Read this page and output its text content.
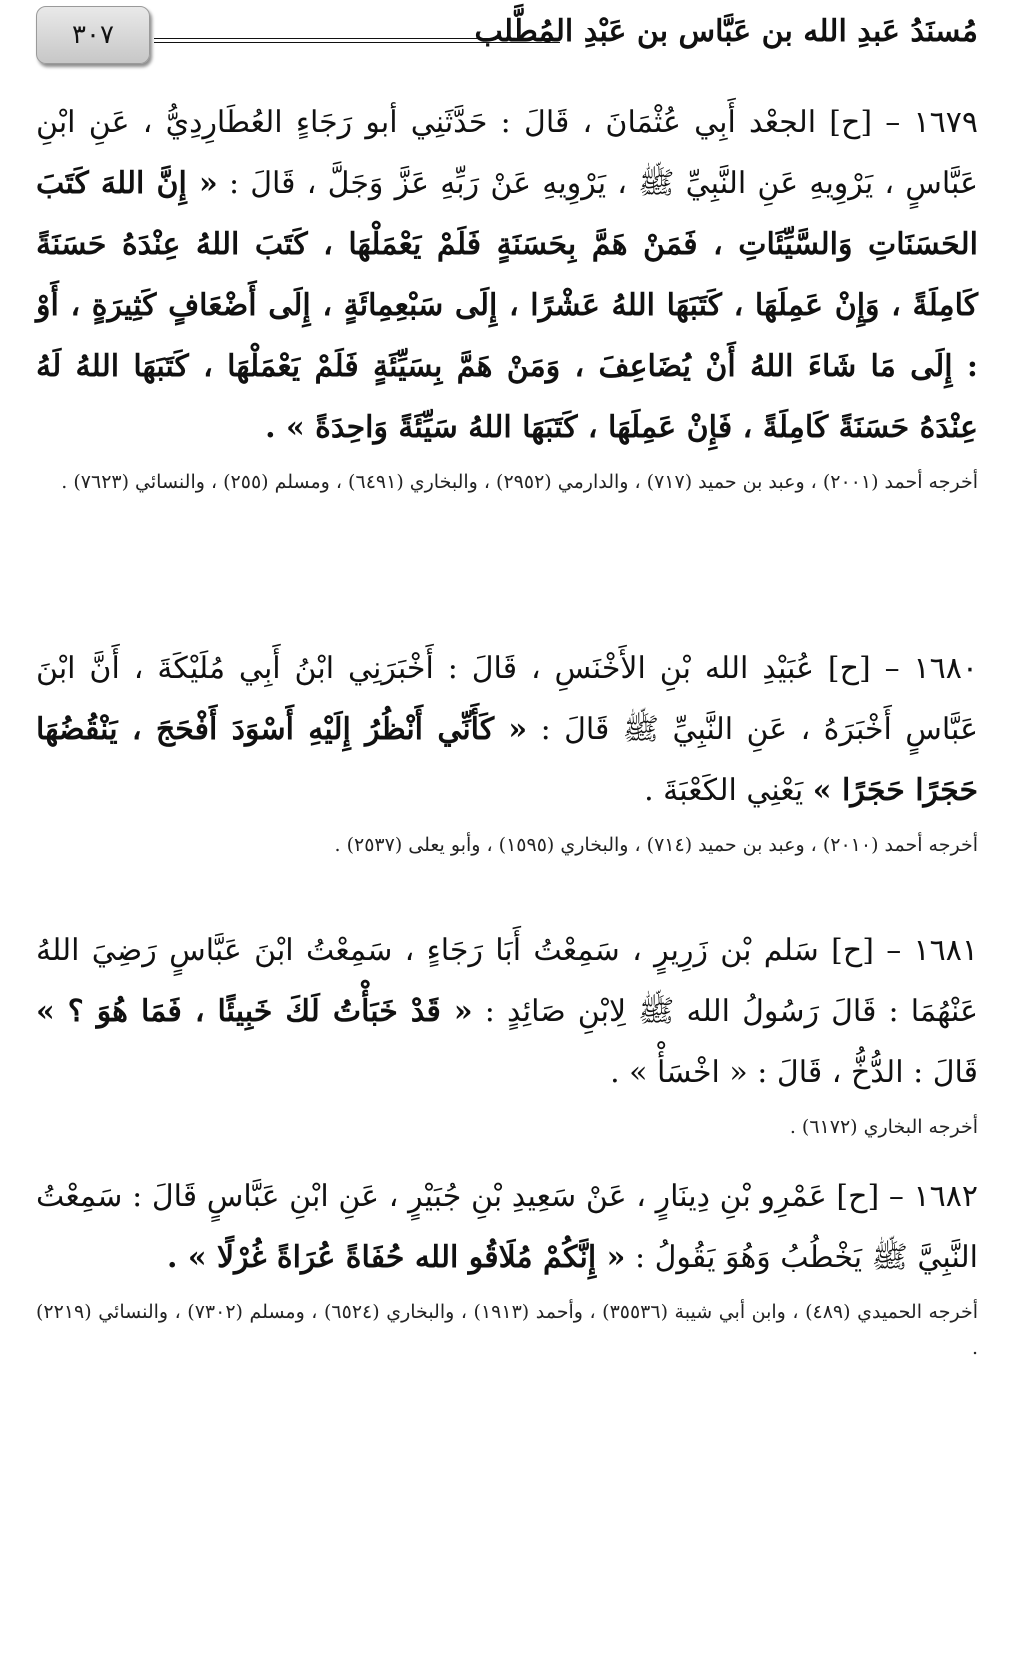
مُسنَدُ عَبدِ الله بن عَبَّاس بن عَبْدِ المُطَّلب
٣٠٧

١٦٧٩ – [ح] الجعْد أَبِي عُثْمَانَ ، قَالَ : حَدَّثَنِي أبو رَجَاءٍ العُطَارِدِيُّ ، عَنِ ابْنِ عَبَّاسٍ ، يَرْوِيهِ عَنِ النَّبِيِّ ﷺ ، يَرْوِيهِ عَنْ رَبِّهِ عَزَّ وَجَلَّ ، قَالَ : « إِنَّ اللهَ كَتَبَ الحَسَنَاتِ وَالسَّيِّئَاتِ ، فَمَنْ هَمَّ بِحَسَنَةٍ فَلَمْ يَعْمَلْهَا ، كَتَبَ اللهُ عِنْدَهُ حَسَنَةً كَامِلَةً ، وَإِنْ عَمِلَهَا ، كَتَبَهَا اللهُ عَشْرًا ، إِلَى سَبْعِمِائَةٍ ، إِلَى أَضْعَافٍ كَثِيرَةٍ ، أَوْ : إِلَى مَا شَاءَ اللهُ أَنْ يُضَاعِفَ ، وَمَنْ هَمَّ بِسَيِّئَةٍ فَلَمْ يَعْمَلْهَا ، كَتَبَهَا اللهُ لَهُ عِنْدَهُ حَسَنَةً كَامِلَةً ، فَإِنْ عَمِلَهَا ، كَتَبَهَا اللهُ سَيِّئَةً وَاحِدَةً » .

أخرجه أحمد (٢٠٠١) ، وعبد بن حميد (٧١٧) ، والدارمي (٢٩٥٢) ، والبخاري (٦٤٩١) ، ومسلم (٢٥٥) ، والنسائي (٧٦٢٣) .

١٦٨٠ – [ح] عُبَيْدِ الله بْنِ الأَخْنَسِ ، قَالَ : أَخْبَرَنِي ابْنُ أَبِي مُلَيْكَةَ ، أَنَّ ابْنَ عَبَّاسٍ أَخْبَرَهُ ، عَنِ النَّبِيِّ ﷺ قَالَ : « كَأَنِّي أَنْظُرُ إِلَيْهِ أَسْوَدَ أَفْحَجَ ، يَنْقُضُهَا حَجَرًا حَجَرًا » يَعْنِي الكَعْبَةَ .

أخرجه أحمد (٢٠١٠) ، وعبد بن حميد (٧١٤) ، والبخاري (١٥٩٥) ، وأبو يعلى (٢٥٣٧) .

١٦٨١ – [ح] سَلم بْن زَرِيرٍ ، سَمِعْتُ أَبَا رَجَاءٍ ، سَمِعْتُ ابْنَ عَبَّاسٍ رَضِيَ اللهُ عَنْهُمَا : قَالَ رَسُولُ الله ﷺ لِابْنِ صَائِدٍ : « قَدْ خَبَأْتُ لَكَ خَبِيئًا ، فَمَا هُوَ ؟ » قَالَ : الدُّخُّ ، قَالَ : « اخْسَأْ » .

أخرجه البخاري (٦١٧٢) .

١٦٨٢ – [ح] عَمْرِو بْنِ دِينَارٍ ، عَنْ سَعِيدِ بْنِ جُبَيْرٍ ، عَنِ ابْنِ عَبَّاسٍ قَالَ : سَمِعْتُ النَّبِيَّ ﷺ يَخْطُبُ وَهُوَ يَقُولُ : « إِنَّكُمْ مُلَاقُو الله حُفَاةً عُرَاةً غُرْلًا » .

أخرجه الحميدي (٤٨٩) ، وابن أبي شيبة (٣٥٥٣٦) ، وأحمد (١٩١٣) ، والبخاري (٦٥٢٤) ، ومسلم (٧٣٠٢) ، والنسائي (٢٢١٩) .
